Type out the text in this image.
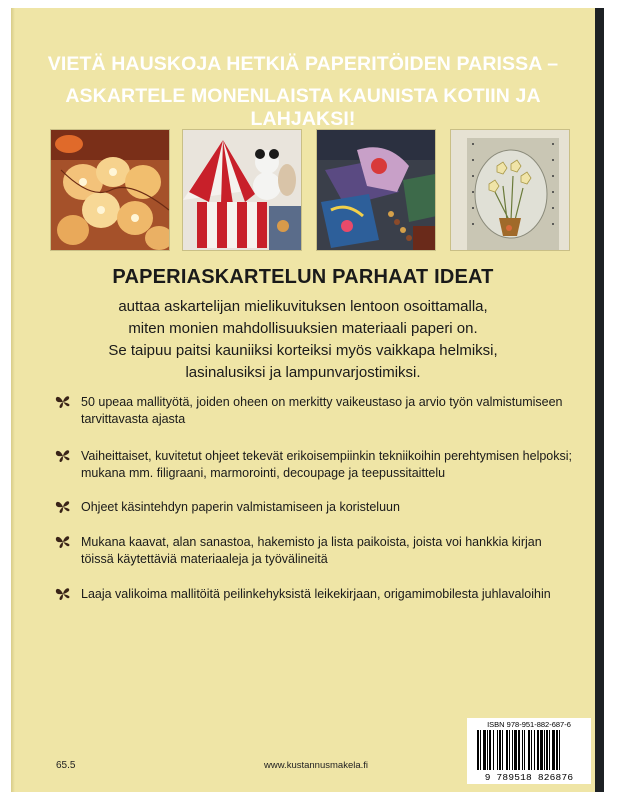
VIETÄ HAUSKOJA HETKIÄ PAPERITÖIDEN PARISSA –
ASKARTELE MONENLAISTA KAUNISTA KOTIIN JA LAHJAKSI!
PAPERIASKARTELUN PARHAAT IDEAT
auttaa askartelijan mielikuvituksen lentoon osoittamalla,
miten monien mahdollisuuksien materiaali paperi on.
Se taipuu paitsi kauniiksi korteiksi myös vaikkapa helmiksi,
lasinalusiksi ja lampunvarjostimiksi.
50 upeaa mallityötä, joiden oheen on merkitty vaikeustaso ja arvio työn valmistumiseen tarvittavasta ajasta
Vaiheittaiset, kuvitetut ohjeet tekevät erikoisempiinkin tekniikoihin perehtymisen helpoksi; mukana mm. filigraani, marmorointi, decoupage ja teepussitaittelu
Ohjeet käsintehdyn paperin valmistamiseen ja koristeluun
Mukana kaavat, alan sanastoa, hakemisto ja lista paikoista, joista voi hankkia kirjan töissä käytettäviä materiaaleja ja työvälineitä
Laaja valikoima mallitöitä peilinkehyksistä leikekirjaan, origamimobilesta juhlavaloihin
65.5	www.kustannusmakela.fi
ISBN 978-951-882-687-6
9 789518 826876
